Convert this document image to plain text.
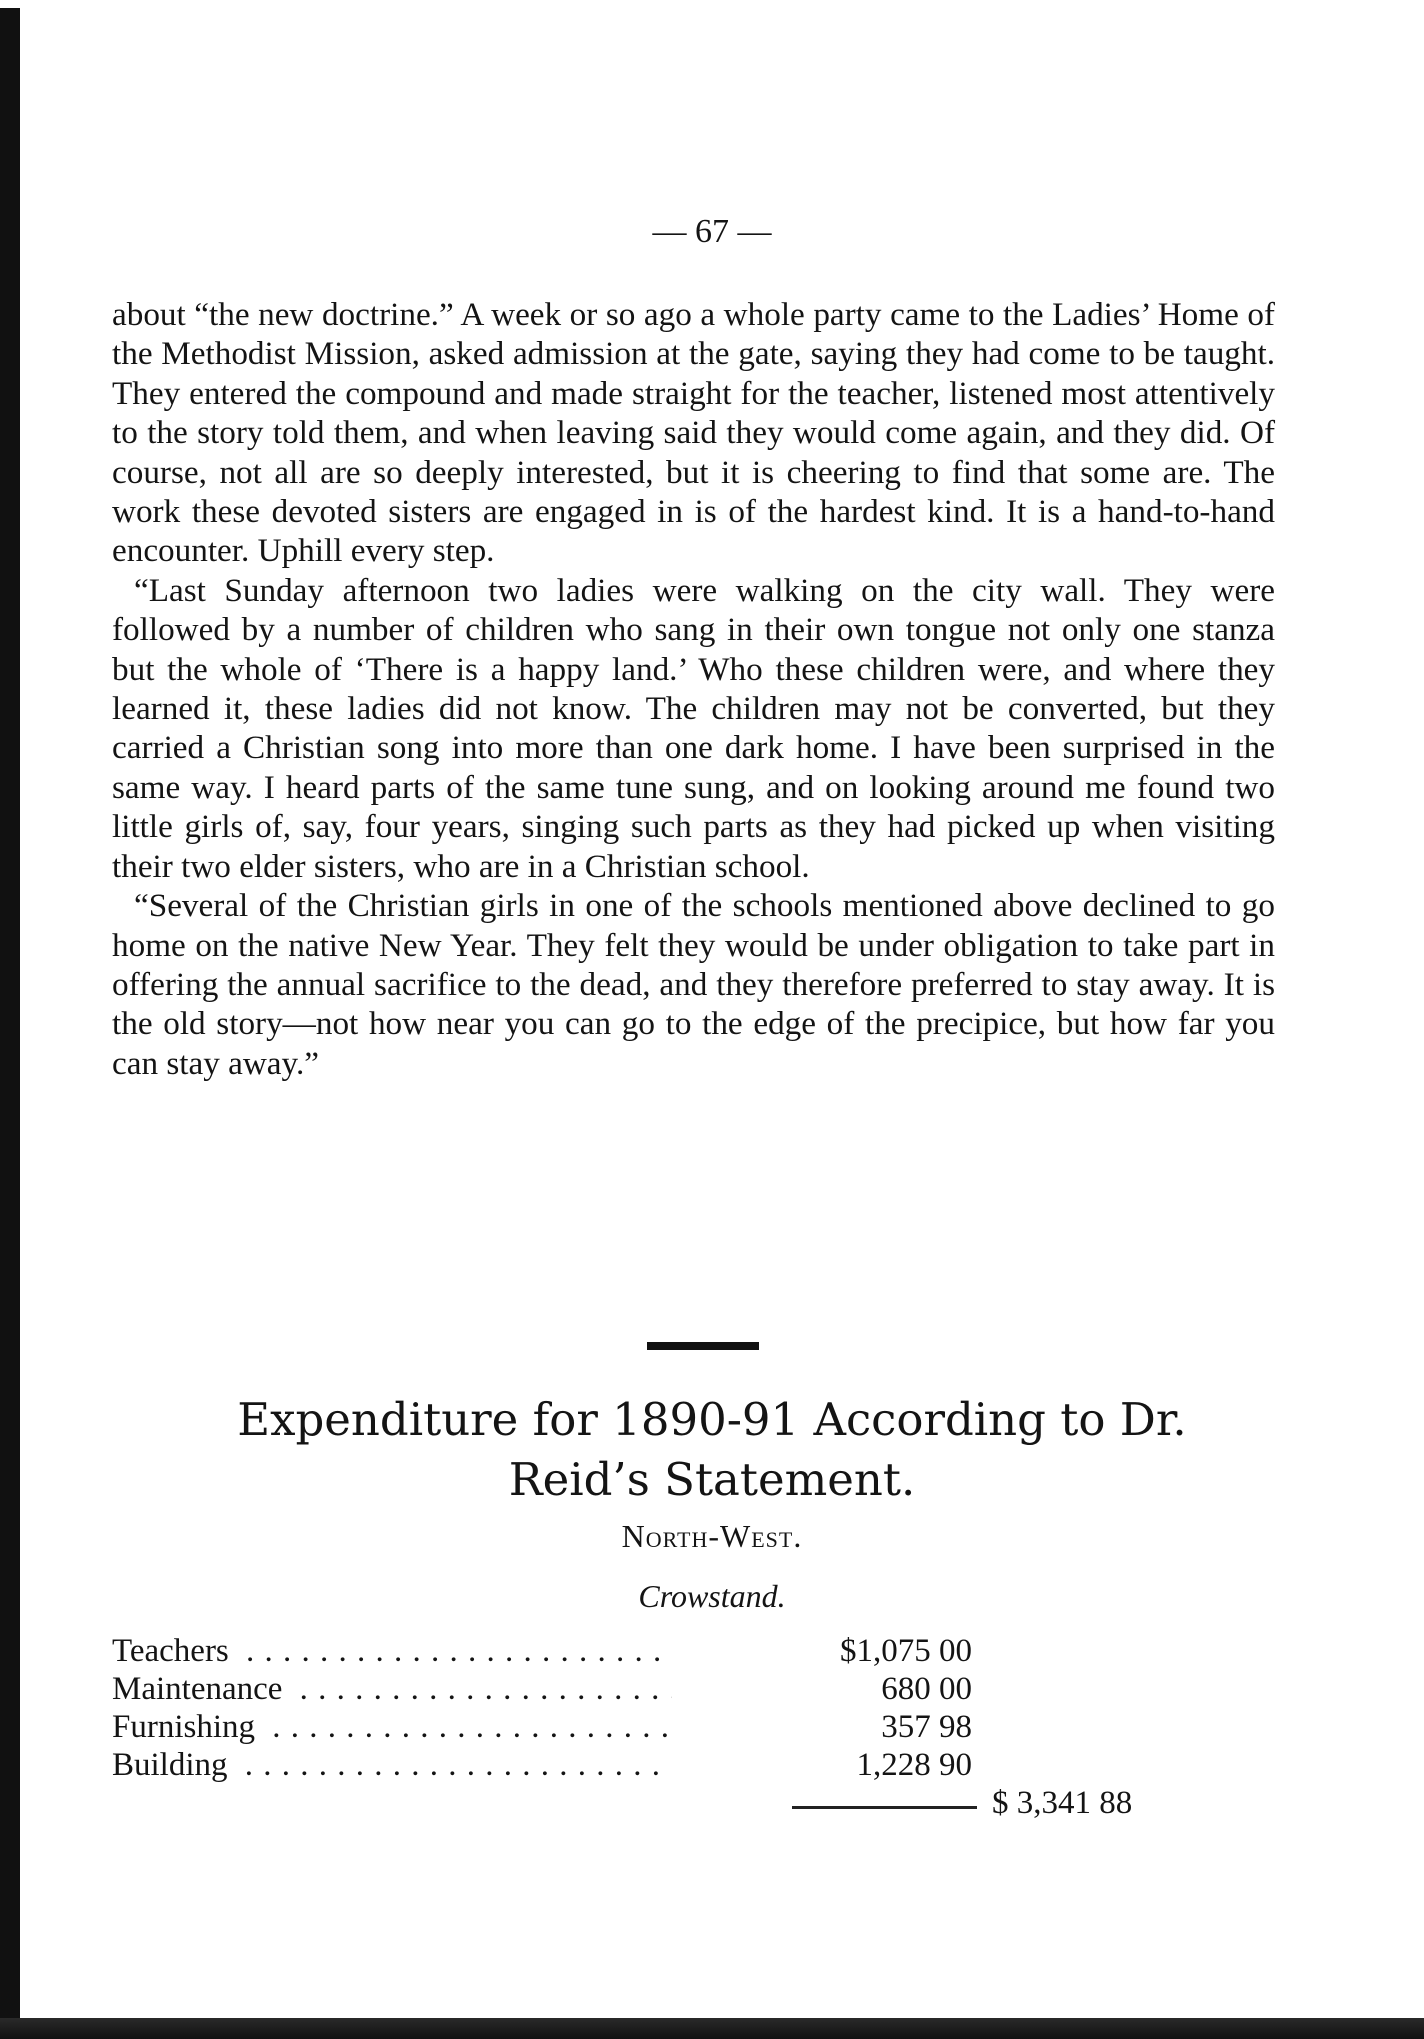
— 67 —

about “the new doctrine.” A week or so ago a whole party came to the Ladies’ Home of the Methodist Mission, asked admission at the gate, saying they had come to be taught. They entered the compound and made straight for the teacher, listened most attentively to the story told them, and when leaving said they would come again, and they did. Of course, not all are so deeply interested, but it is cheering to find that some are. The work these devoted sisters are engaged in is of the hardest kind. It is a hand-to-hand encounter. Uphill every step.

“Last Sunday afternoon two ladies were walking on the city wall. They were followed by a number of children who sang in their own tongue not only one stanza but the whole of ‘There is a happy land.’ Who these children were, and where they learned it, these ladies did not know. The children may not be converted, but they carried a Christian song into more than one dark home. I have been surprised in the same way. I heard parts of the same tune sung, and on looking around me found two little girls of, say, four years, singing such parts as they had picked up when visiting their two elder sisters, who are in a Christian school.

“Several of the Christian girls in one of the schools mentioned above declined to go home on the native New Year. They felt they would be under obligation to take part in offering the annual sacrifice to the dead, and they therefore preferred to stay away. It is the old story—not how near you can go to the edge of the precipice, but how far you can stay away.”

Expenditure for 1890-91 According to Dr.
Reid’s Statement.
North-West.
Crowstand.
Teachers . . .	$1,075 00
Maintenance . . .	680 00
Furnishing . . .	357 98
Building . . .	1,228 90
$ 3,341 88
